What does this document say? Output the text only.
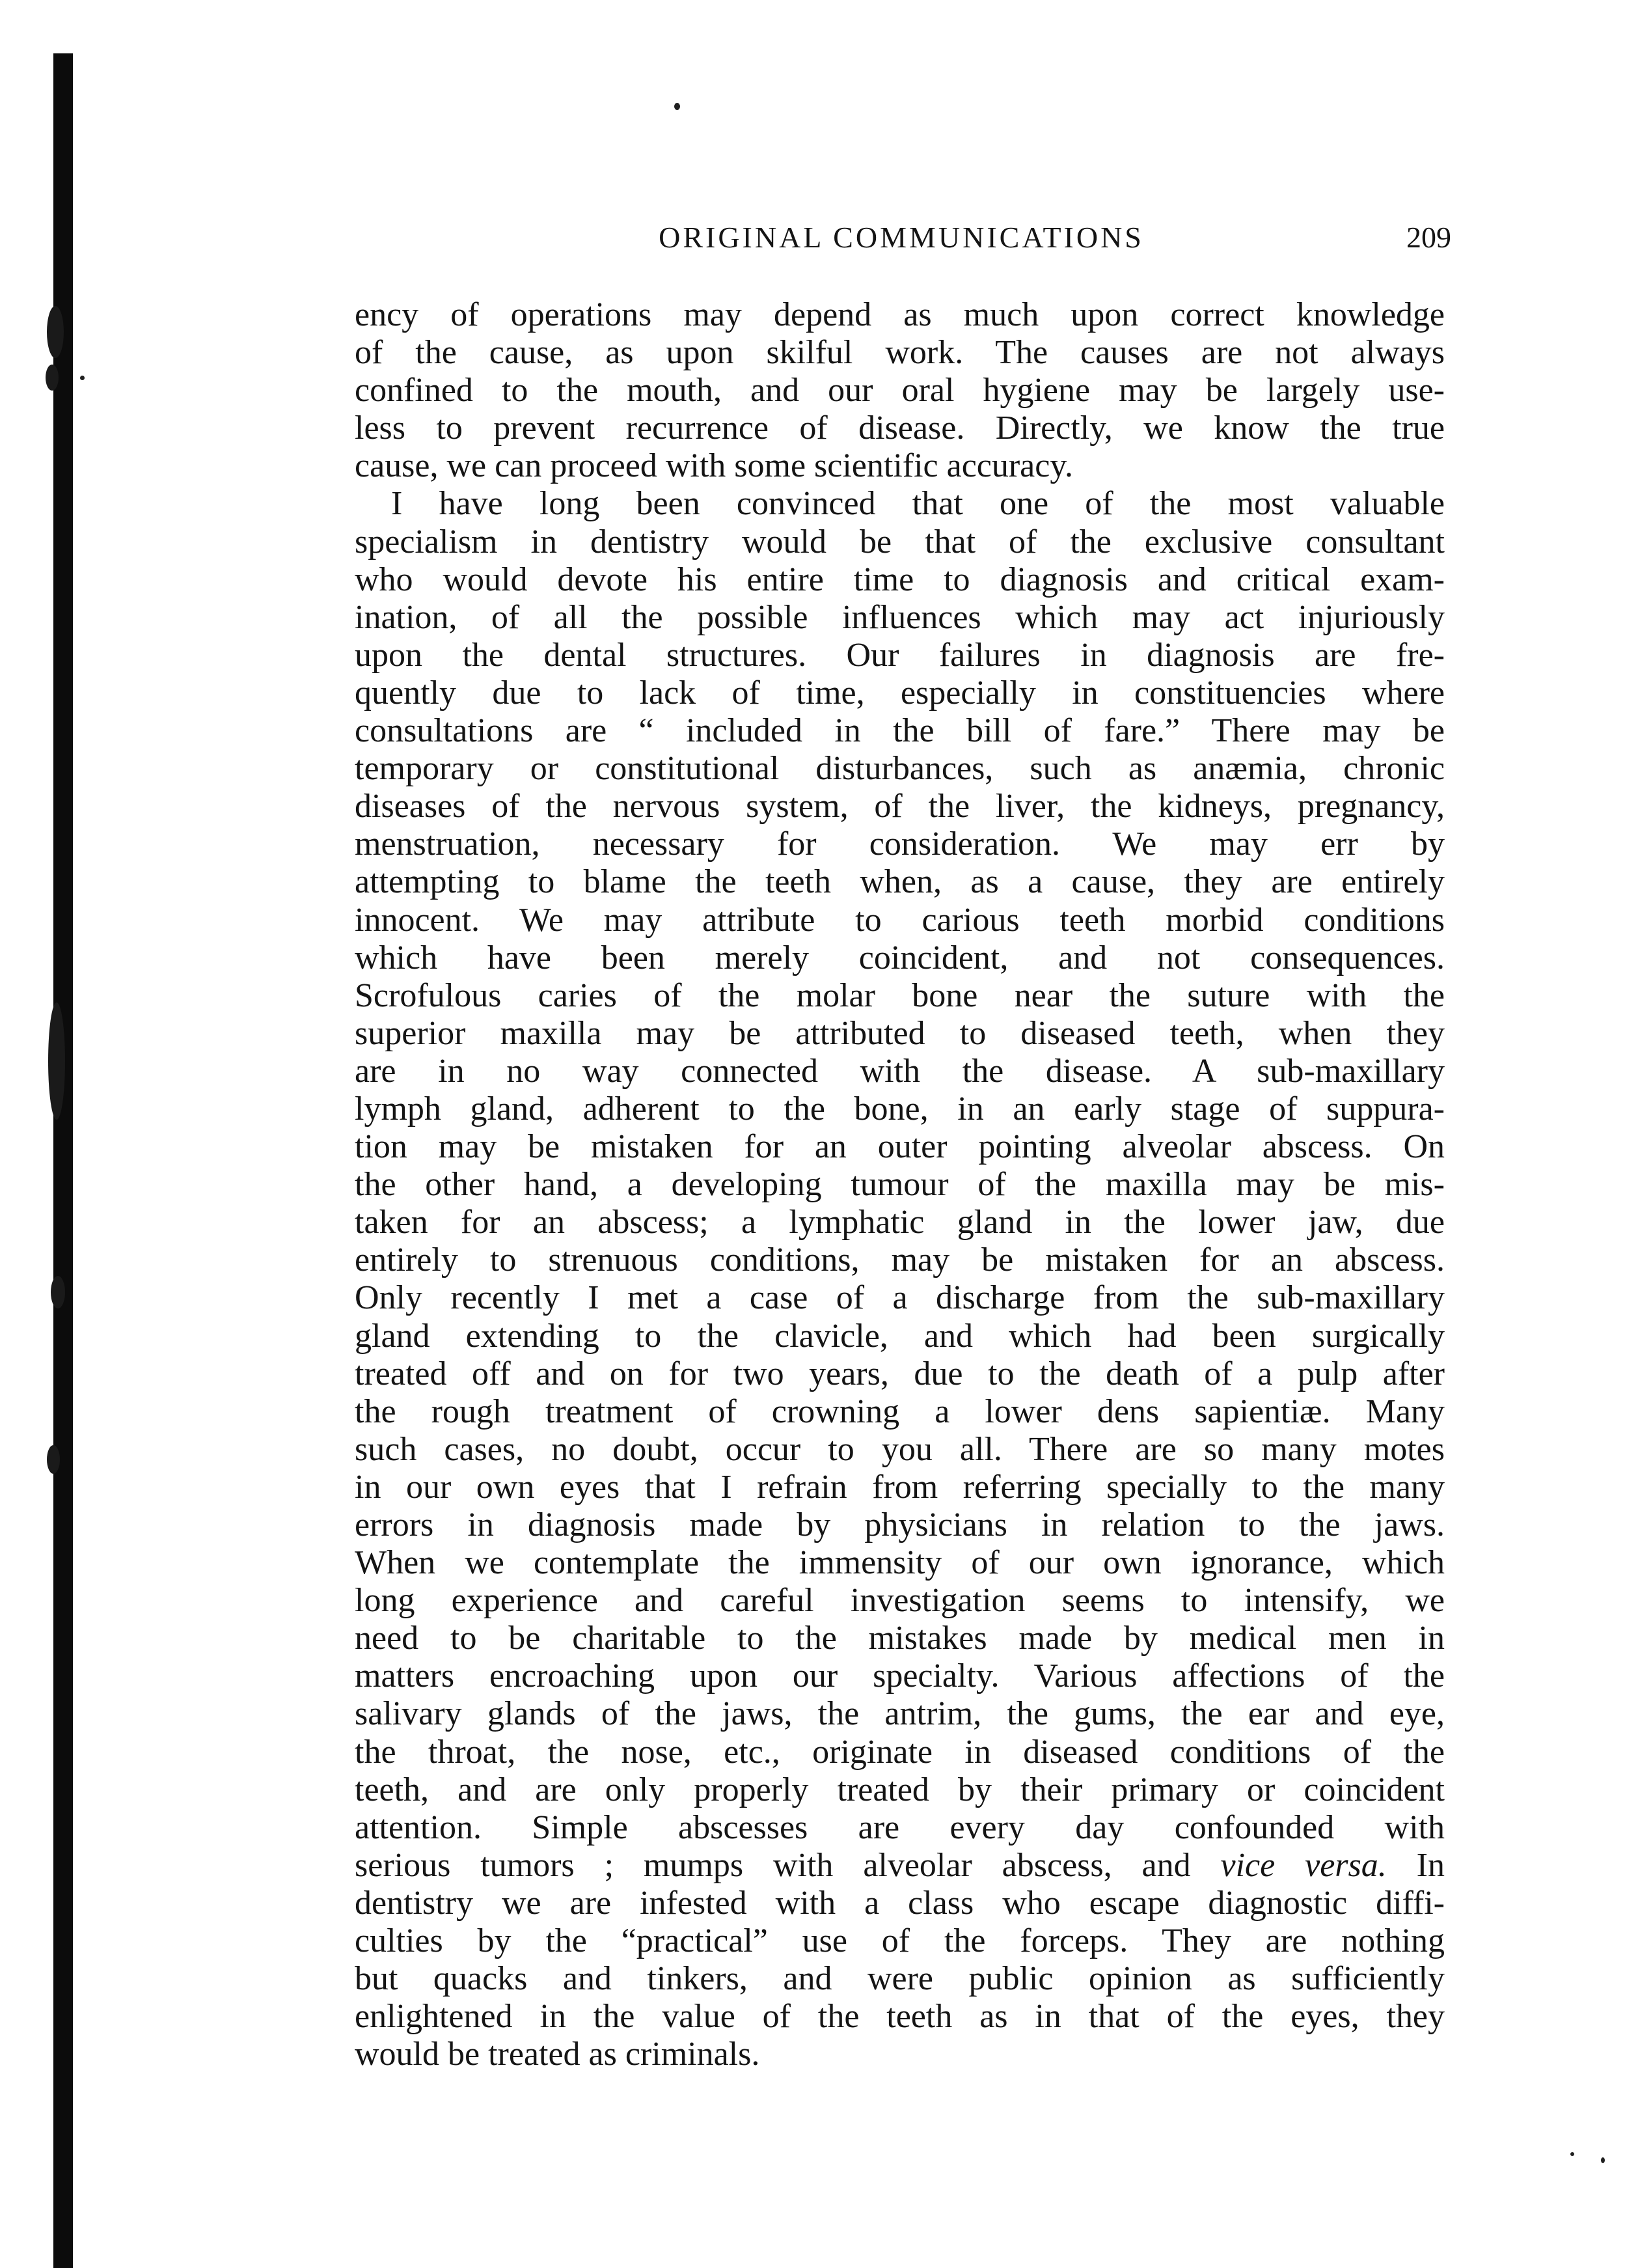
ORIGINAL COMMUNICATIONS	209
ency of operations may depend as much upon correct knowledge
of the cause, as upon skilful work. The causes are not always
confined to the mouth, and our oral hygiene may be largely use-
less to prevent recurrence of disease. Directly, we know the true
cause, we can proceed with some scientific accuracy.
I have long been convinced that one of the most valuable
specialism in dentistry would be that of the exclusive consultant
who would devote his entire time to diagnosis and critical exam-
ination, of all the possible influences which may act injuriously
upon the dental structures. Our failures in diagnosis are fre-
quently due to lack of time, especially in constituencies where
consultations are “ included in the bill of fare.” There may be
temporary or constitutional disturbances, such as anæmia, chronic
diseases of the nervous system, of the liver, the kidneys, pregnancy,
menstruation, necessary for consideration. We may err by
attempting to blame the teeth when, as a cause, they are entirely
innocent. We may attribute to carious teeth morbid conditions
which have been merely coincident, and not consequences.
Scrofulous caries of the molar bone near the suture with the
superior maxilla may be attributed to diseased teeth, when they
are in no way connected with the disease. A sub-maxillary
lymph gland, adherent to the bone, in an early stage of suppura-
tion may be mistaken for an outer pointing alveolar abscess. On
the other hand, a developing tumour of the maxilla may be mis-
taken for an abscess; a lymphatic gland in the lower jaw, due
entirely to strenuous conditions, may be mistaken for an abscess.
Only recently I met a case of a discharge from the sub-maxillary
gland extending to the clavicle, and which had been surgically
treated off and on for two years, due to the death of a pulp after
the rough treatment of crowning a lower dens sapientiæ. Many
such cases, no doubt, occur to you all. There are so many motes
in our own eyes that I refrain from referring specially to the many
errors in diagnosis made by physicians in relation to the jaws.
When we contemplate the immensity of our own ignorance, which
long experience and careful investigation seems to intensify, we
need to be charitable to the mistakes made by medical men in
matters encroaching upon our specialty. Various affections of the
salivary glands of the jaws, the antrim, the gums, the ear and eye,
the throat, the nose, etc., originate in diseased conditions of the
teeth, and are only properly treated by their primary or coincident
attention. Simple abscesses are every day confounded with
serious tumors ; mumps with alveolar abscess, and vice versa. In
dentistry we are infested with a class who escape diagnostic diffi-
culties by the “practical” use of the forceps. They are nothing
but quacks and tinkers, and were public opinion as sufficiently
enlightened in the value of the teeth as in that of the eyes, they
would be treated as criminals.
